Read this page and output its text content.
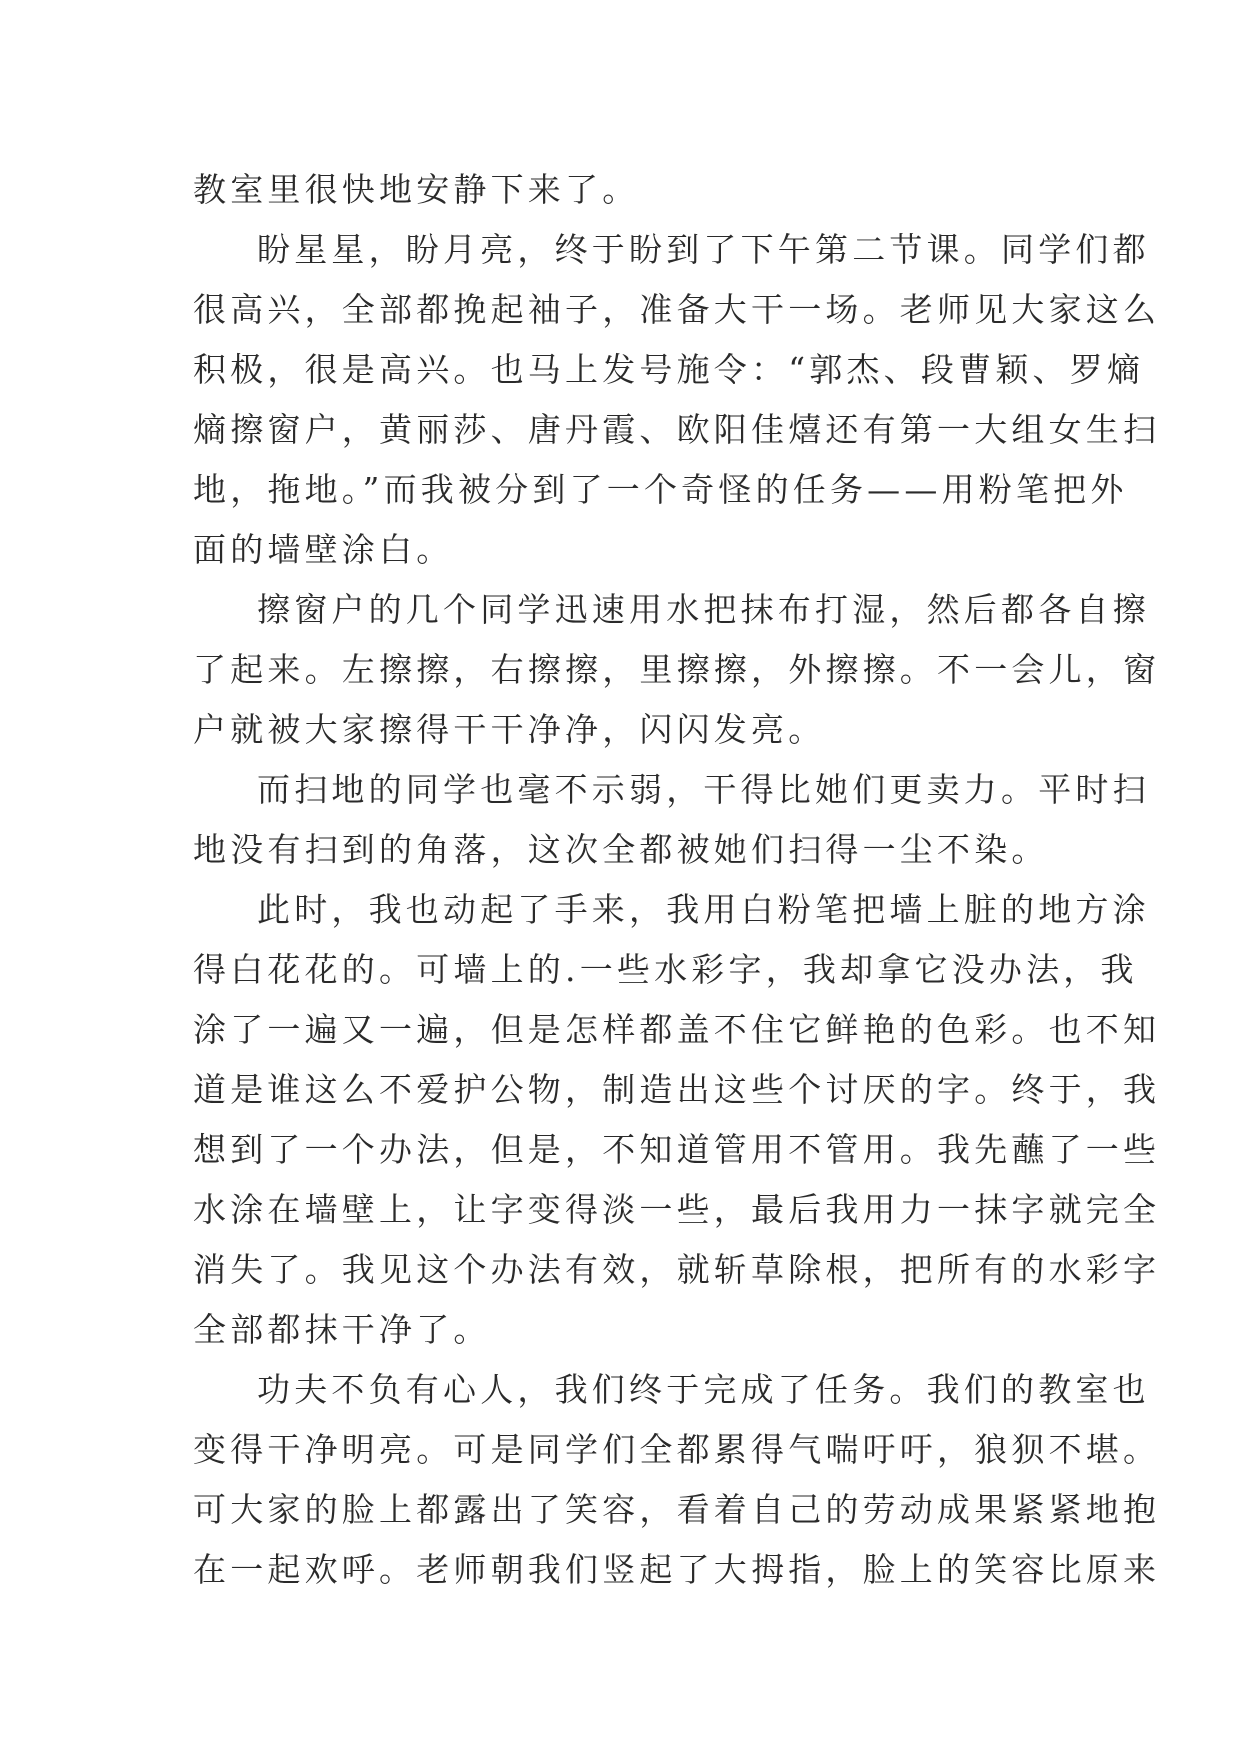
教室里很快地安静下来了。
盼星星，盼月亮，终于盼到了下午第二节课。同学们都
很高兴，全部都挽起袖子，准备大干一场。老师见大家这么
积极，很是高兴。也马上发号施令：“郭杰、段曹颖、罗熵
熵擦窗户，黄丽莎、唐丹霞、欧阳佳熺还有第一大组女生扫
地，拖地。”而我被分到了一个奇怪的任务——用粉笔把外
面的墙壁涂白。
擦窗户的几个同学迅速用水把抹布打湿，然后都各自擦
了起来。左擦擦，右擦擦，里擦擦，外擦擦。不一会儿，窗
户就被大家擦得干干净净，闪闪发亮。
而扫地的同学也毫不示弱，干得比她们更卖力。平时扫
地没有扫到的角落，这次全都被她们扫得一尘不染。
此时，我也动起了手来，我用白粉笔把墙上脏的地方涂
得白花花的。可墙上的.一些水彩字，我却拿它没办法，我
涂了一遍又一遍，但是怎样都盖不住它鲜艳的色彩。也不知
道是谁这么不爱护公物，制造出这些个讨厌的字。终于，我
想到了一个办法，但是，不知道管用不管用。我先蘸了一些
水涂在墙壁上，让字变得淡一些，最后我用力一抹字就完全
消失了。我见这个办法有效，就斩草除根，把所有的水彩字
全部都抹干净了。
功夫不负有心人，我们终于完成了任务。我们的教室也
变得干净明亮。可是同学们全都累得气喘吁吁，狼狈不堪。
可大家的脸上都露出了笑容，看着自己的劳动成果紧紧地抱
在一起欢呼。老师朝我们竖起了大拇指，脸上的笑容比原来
